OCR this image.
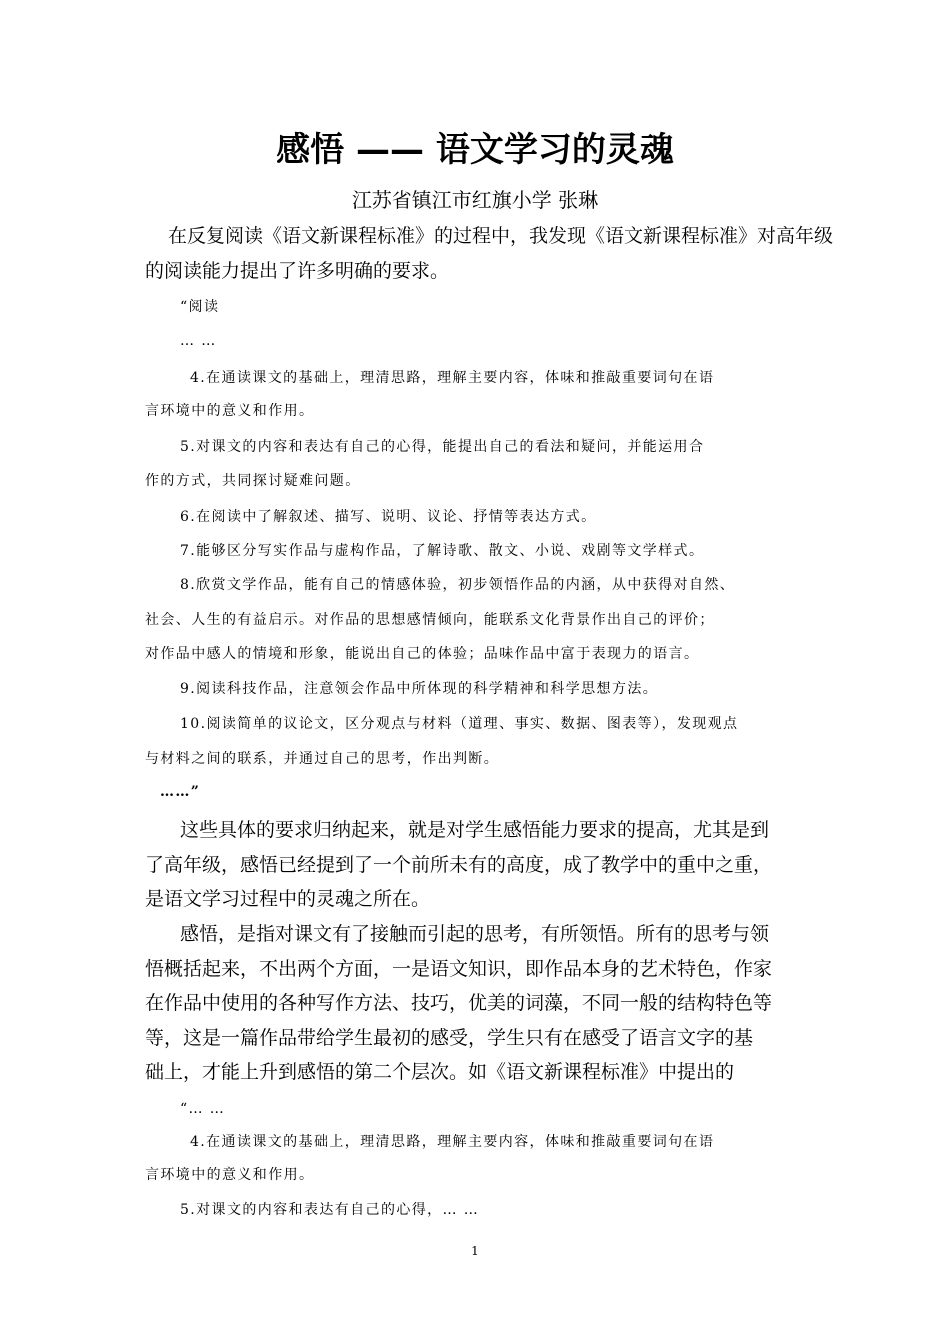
感悟 —— 语文学习的灵魂
江苏省镇江市红旗小学 张琳
在反复阅读《语文新课程标准》的过程中，我发现《语文新课程标准》对高年级
的阅读能力提出了许多明确的要求。
“阅读
… …
4.在通读课文的基础上，理清思路，理解主要内容，体味和推敲重要词句在语
言环境中的意义和作用。
5.对课文的内容和表达有自己的心得，能提出自己的看法和疑问，并能运用合
作的方式，共同探讨疑难问题。
6.在阅读中了解叙述、描写、说明、议论、抒情等表达方式。
7.能够区分写实作品与虚构作品，了解诗歌、散文、小说、戏剧等文学样式。
8.欣赏文学作品，能有自己的情感体验，初步领悟作品的内涵，从中获得对自然、
社会、人生的有益启示。对作品的思想感情倾向，能联系文化背景作出自己的评价；
对作品中感人的情境和形象，能说出自己的体验；品味作品中富于表现力的语言。
9.阅读科技作品，注意领会作品中所体现的科学精神和科学思想方法。
10.阅读简单的议论文，区分观点与材料（道理、事实、数据、图表等），发现观点
与材料之间的联系，并通过自己的思考，作出判断。
……”
这些具体的要求归纳起来，就是对学生感悟能力要求的提高，尤其是到
了高年级，感悟已经提到了一个前所未有的高度，成了教学中的重中之重，
是语文学习过程中的灵魂之所在。
感悟，是指对课文有了接触而引起的思考，有所领悟。所有的思考与领
悟概括起来，不出两个方面，一是语文知识，即作品本身的艺术特色，作家
在作品中使用的各种写作方法、技巧，优美的词藻，不同一般的结构特色等
等，这是一篇作品带给学生最初的感受，学生只有在感受了语言文字的基
础上，才能上升到感悟的第二个层次。如《语文新课程标准》中提出的
“… …
4.在通读课文的基础上，理清思路，理解主要内容，体味和推敲重要词句在语
言环境中的意义和作用。
5.对课文的内容和表达有自己的心得，… …
1
